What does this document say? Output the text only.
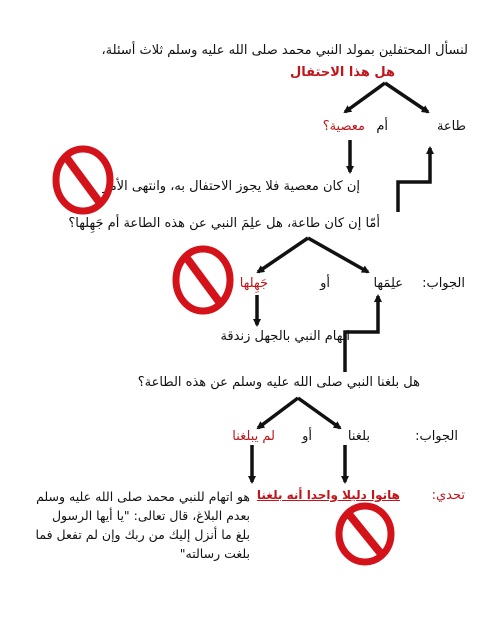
لنسأل المحتفلين بمولد النبي محمد صلى الله عليه وسلم ثلاث أسئلة،
هل هذا الاحتفال
طاعة
أم
معصية؟
إن كان معصية فلا يجوز الاحتفال به، وانتهى الأمر
أمّا إن كان طاعة، هل علِمَ النبي عن هذه الطاعة أم جَهِلها؟
الجواب:
علِمَها
أو
جَهِلها
اتهام النبي بالجهل زندقة
هل بلغنا النبي صلى الله عليه وسلم عن هذه الطاعة؟
الجواب:
بلغنا
أو
لم يبلغنا
تحدي:
هاتوا دليلا واحدا أنه بلغنا
هو اتهام للنبي محمد صلى الله عليه وسلم
بعدم البلاغ، قال تعالى: "يا أيها الرسول
بلغ ما أنزل إليك من ربك وإن لم تفعل فما
بلغت رسالته"
